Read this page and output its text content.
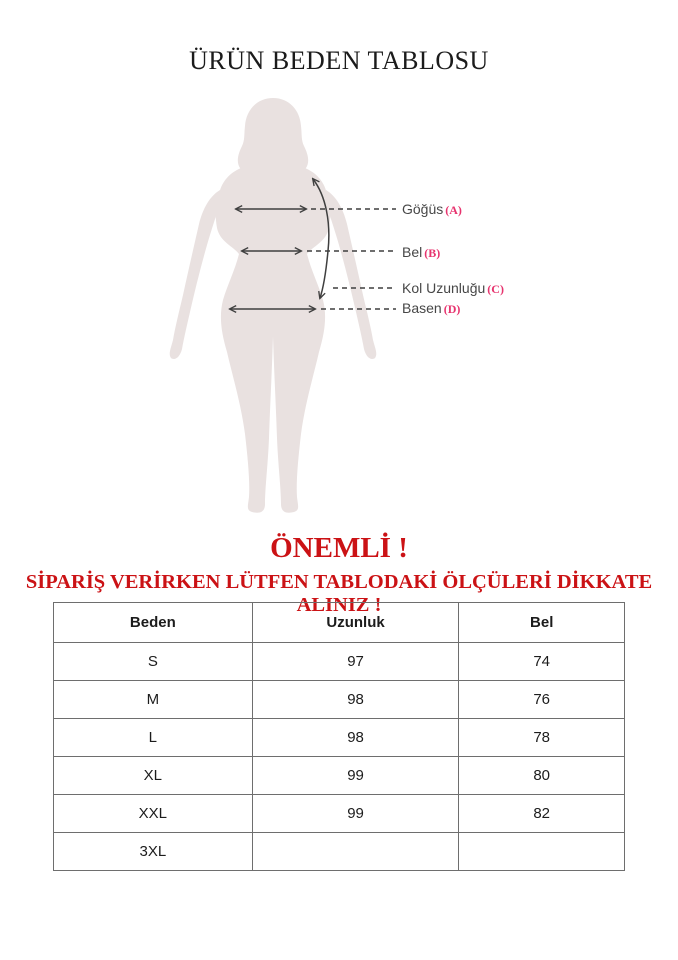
ÜRÜN BEDEN TABLOSU
Göğüs (A)
Bel (B)
Kol Uzunluğu (C)
Basen (D)
ÖNEMLİ !
SİPARİŞ VERİRKEN LÜTFEN TABLODAKİ ÖLÇÜLERİ DİKKATE ALINIZ !
Beden	Uzunluk	Bel
S	97	74
M	98	76
L	98	78
XL	99	80
XXL	99	82
3XL		
